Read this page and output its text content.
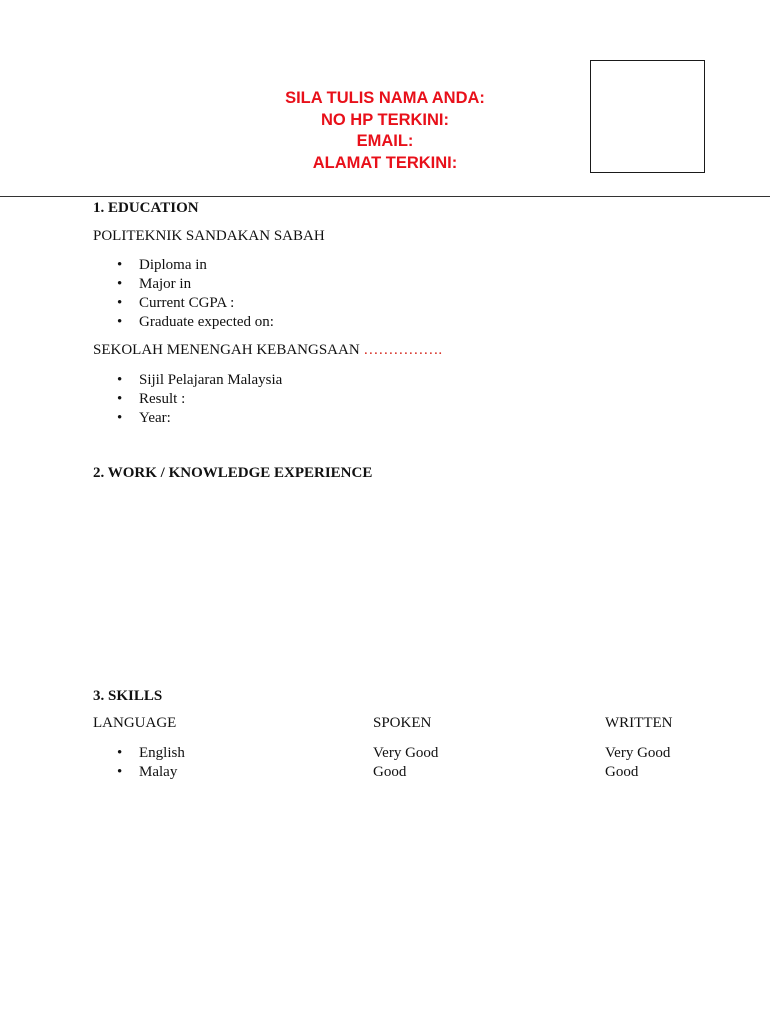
SILA TULIS NAMA ANDA:
NO HP TERKINI:
EMAIL:
ALAMAT TERKINI:
1. EDUCATION
POLITEKNIK SANDAKAN SABAH
• Diploma in
• Major in
• Current CGPA :
• Graduate expected on:
SEKOLAH MENENGAH KEBANGSAAN …………….
• Sijil Pelajaran Malaysia
• Result :
• Year:
2. WORK / KNOWLEDGE EXPERIENCE
3. SKILLS
LANGUAGE	SPOKEN	WRITTEN
• English
• Malay
Very Good
Good
Very Good
Good
